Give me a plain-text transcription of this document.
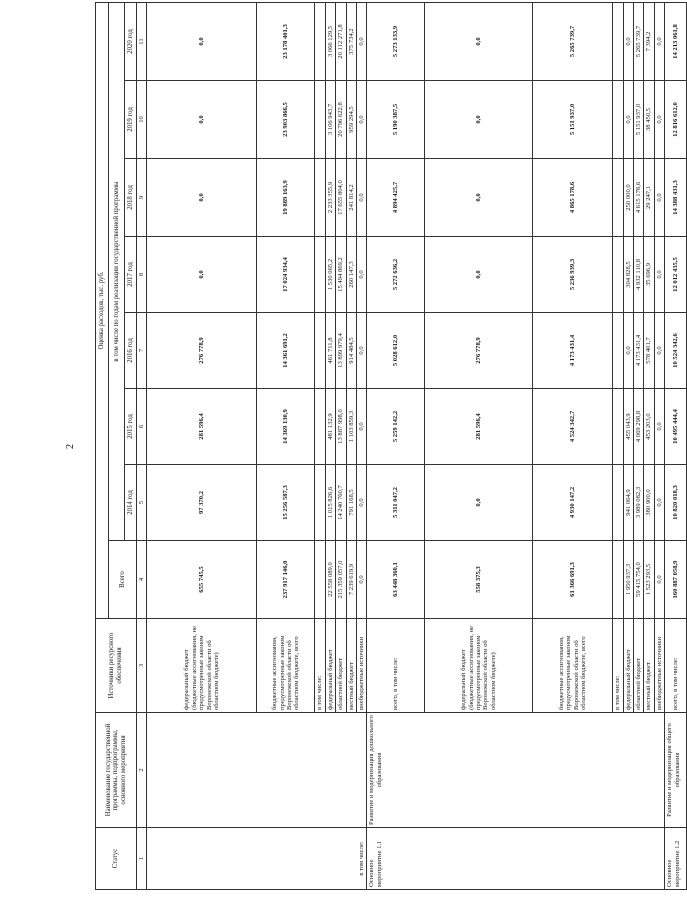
2
Статус	Наименование государственной программы, подпрограммы, основного мероприятия	Источники ресурсного обеспечения	Оценка расходов, тыс. руб.							
			Всего	в том числе по годам реализации государственной программы						
				2014 год	2015 год	2016 год	2017 год	2018 год	2019 год	2020 год
1	2	3	4	5	6	7	8	9	10	11
в том числе:		федеральный бюджет (бюджетные ассигнования, не предусмотренные законом Воронежской области об областном бюджете)	655 745,5	97 370,2	281 596,4	276 778,9	0,0	0,0	0,0	0,0
		бюджетные ассигнования, предусмотренные законом Воронежской области об областном бюджете, всего	237 917 146,0	15 256 587,3	14 369 130,9	14 361 691,2	17 024 934,4	19 889 163,9	23 903 866,5	23 178 401,3
		в том числе:								
		федеральный бюджет	22 558 089,0	1 015 826,6	481 132,9	461 711,8	1 530 065,2	2 233 355,9	3 106 943,7	3 066 129,5
		областной бюджет	215 359 057,0	14 240 760,7	13 887 998,0	13 899 979,4	15 494 869,2	17 655 804,0	20 796 622,8	20 112 271,8
		местный бюджет	7 239 619,9	791 168,5	1 103 859,3	914 484,5	260 147,3	241 814,2	959 294,5	375 734,2
		внебюджетные источники	0,0	0,0	0,0	0,0	0,0	0,0	0,0	0,0
Основное мероприятие 1.1	Развитие и модернизация дошкольного образования	всего, в том числе:	63 448 360,1	5 311 047,2	5 259 142,2	5 028 612,0	5 272 636,2	4 894 425,7	5 190 387,5	5 273 133,9
		федеральный бюджет (бюджетные ассигнования, не предусмотренные законом Воронежской области об областном бюджете)	558 375,3	0,0	281 596,4	276 778,9	0,0	0,0	0,0	0,0
		бюджетные ассигнования, предусмотренные законом Воронежской области об областном бюджете, всего	61 366 691,3	4 930 147,2	4 524 342,7	4 173 431,4	5 236 939,3	4 865 178,6	5 151 937,0	5 265 739,7
		в том числе:								
		федеральный бюджет	1 950 937,3	941 064,9	455 043,9	0,0	304 828,5	250 000,0	0,0	0,0
		областной бюджет	59 415 754,0	3 989 082,3	4 069 298,8	4 173 431,4	4 932 110,8	4 615 178,6	5 151 937,0	5 265 739,7
		местный бюджет	1 523 293,5	380 900,0	453 203,0	578 401,7	35 696,9	29 247,1	38 450,5	7 394,2
		внебюджетные источники	0,0	0,0	0,0	0,0	0,0	0,0	0,0	0,0
Основное мероприятие 1.2	Развитие и модернизация общего образования	всего, в том числе:	160 887 058,9	10 820 018,3	10 495 444,4	10 524 342,6	12 012 435,5	14 388 431,3	12 816 612,0	14 213 061,8
